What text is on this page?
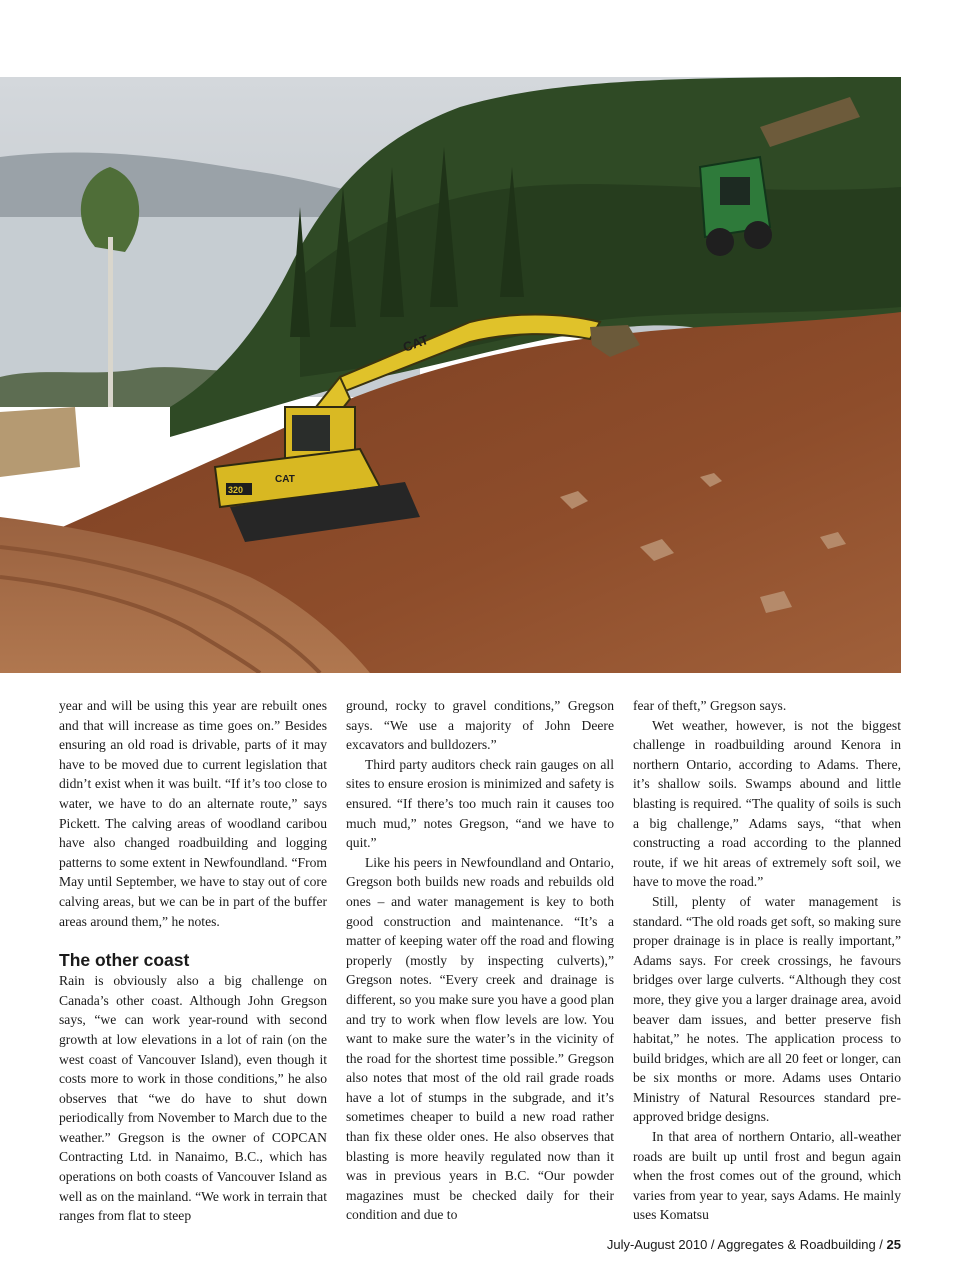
320
CAT
CAT

year and will be using this year are rebuilt ones and that will increase as time goes on.” Besides ensuring an old road is drivable, parts of it may have to be moved due to current legislation that didn’t exist when it was built. “If it’s too close to water, we have to do an alternate route,” says Pickett. The calving areas of woodland caribou have also changed roadbuilding and logging patterns to some extent in Newfoundland. “From May until September, we have to stay out of core calving areas, but we can be in part of the buffer areas around them,” he notes.

The other coast

Rain is obviously also a big challenge on Canada’s other coast. Although John Gregson says, “we can work year-round with second growth at low elevations in a lot of rain (on the west coast of Vancouver Island), even though it costs more to work in those conditions,” he also observes that “we do have to shut down periodically from November to March due to the weather.” Gregson is the owner of COPCAN Contracting Ltd. in Nanaimo, B.C., which has operations on both coasts of Vancouver Island as well as on the mainland. “We work in terrain that ranges from flat to steep

ground, rocky to gravel conditions,” Gregson says. “We use a majority of John Deere excavators and bulldozers.”

Third party auditors check rain gauges on all sites to ensure erosion is minimized and safety is ensured. “If there’s too much rain it causes too much mud,” notes Gregson, “and we have to quit.”

Like his peers in Newfoundland and Ontario, Gregson both builds new roads and rebuilds old ones – and water management is key to both good construction and maintenance. “It’s a matter of keeping water off the road and flowing properly (mostly by inspecting culverts),” Gregson notes. “Every creek and drainage is different, so you make sure you have a good plan and try to work when flow levels are low. You want to make sure the water’s in the vicinity of the road for the shortest time possible.” Gregson also notes that most of the old rail grade roads have a lot of stumps in the subgrade, and it’s sometimes cheaper to build a new road rather than fix these older ones. He also observes that blasting is more heavily regulated now than it was in previous years in B.C. “Our powder magazines must be checked daily for their condition and due to

fear of theft,” Gregson says.

Wet weather, however, is not the biggest challenge in roadbuilding around Kenora in northern Ontario, according to Adams. There, it’s shallow soils. Swamps abound and little blasting is required. “The quality of soils is such a big challenge,” Adams says, “that when constructing a road according to the planned route, if we hit areas of extremely soft soil, we have to move the road.”

Still, plenty of water management is standard. “The old roads get soft, so making sure proper drainage is in place is really important,” Adams says. For creek crossings, he favours bridges over large culverts. “Although they cost more, they give you a larger drainage area, avoid beaver dam issues, and better preserve fish habitat,” he notes. The application process to build bridges, which are all 20 feet or longer, can be six months or more. Adams uses Ontario Ministry of Natural Resources standard pre-approved bridge designs.

In that area of northern Ontario, all-weather roads are built up until frost and begun again when the frost comes out of the ground, which varies from year to year, says Adams. He mainly uses Komatsu

July-August 2010 / Aggregates & Roadbuilding / 25
